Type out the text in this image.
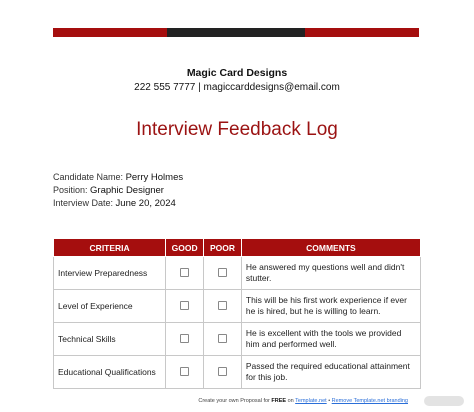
Magic Card Designs
222 555 7777 | magiccarddesigns@email.com
Interview Feedback Log
Candidate Name: Perry Holmes
Position: Graphic Designer
Interview Date: June 20, 2024
CRITERIA	GOOD	POOR	COMMENTS
Interview Preparedness			He answered my questions well and didn't stutter.
Level of Experience			This will be his first work experience if ever he is hired, but he is willing to learn.
Technical Skills			He is excellent with the tools we provided him and performed well.
Educational Qualifications			Passed the required educational attainment for this job.
Create your own Proposal for FREE on Template.net • Remove Template.net branding
